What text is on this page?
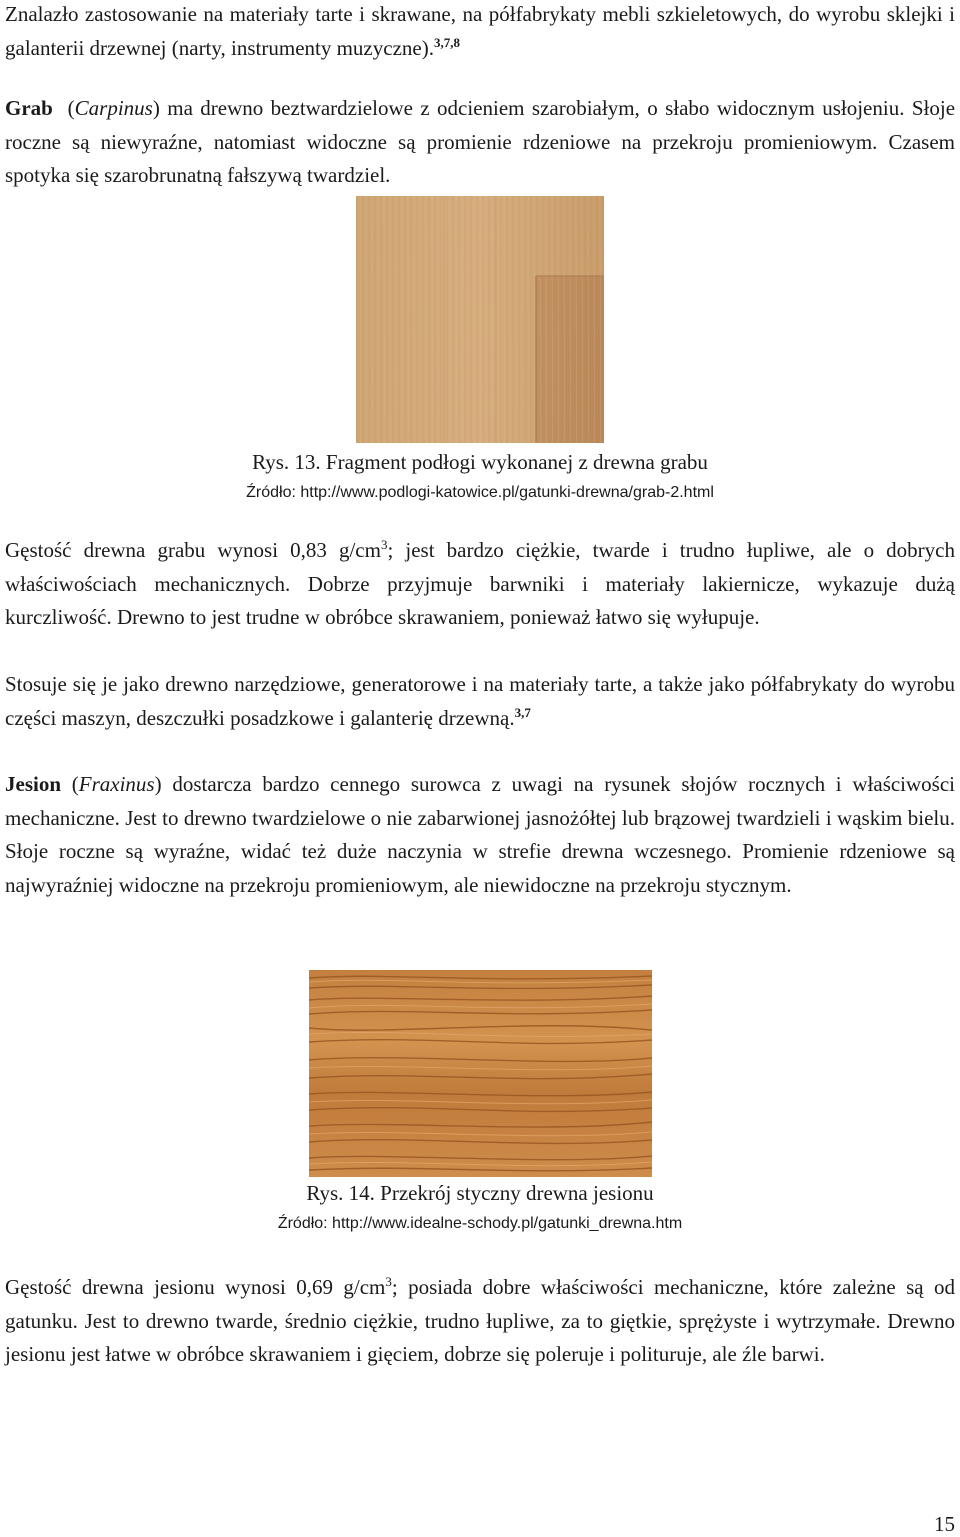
Znalazło zastosowanie na materiały tarte i skrawane, na półfabrykaty mebli szkieletowych, do wyrobu sklejki i galanterii drzewnej (narty, instrumenty muzyczne).$^{3,7,8}$

Grab (Carpinus) ma drewno beztwardzielowe z odcieniem szarobiałym, o słabo widocznym usłojeniu. Słoje roczne są niewyraźne, natomiast widoczne są promienie rdzeniowe na przekroju promieniowym. Czasem spotyka się szarobrunatną fałszywą twardziel.

Rys. 13. Fragment podłogi wykonanej z drewna grabu

Źródło: http://www.podlogi-katowice.pl/gatunki-drewna/grab-2.html

Gęstość drewna grabu wynosi 0,83 $g/cm^3$; jest bardzo ciężkie, twarde i trudno łupliwe, ale o dobrych właściwościach mechanicznych. Dobrze przyjmuje barwniki i materiały lakiernicze, wykazuje dużą kurczliwość. Drewno to jest trudne w obróbce skrawaniem, ponieważ łatwo się wyłupuje.

Stosuje się je jako drewno narzędziowe, generatorowe i na materiały tarte, a także jako półfabrykaty do wyrobu części maszyn, deszczułki posadzkowe i galanterię drzewną.$^{3,7}$

Jesion (Fraxinus) dostarcza bardzo cennego surowca z uwagi na rysunek słojów rocznych i właściwości mechaniczne. Jest to drewno twardzielowe o nie zabarwionej jasnożółtej lub brązowej twardzieli i wąskim bielu. Słoje roczne są wyraźne, widać też duże naczynia w strefie drewna wczesnego. Promienie rdzeniowe są najwyraźniej widoczne na przekroju promieniowym, ale niewidoczne na przekroju stycznym.

Rys. 14. Przekrój styczny drewna jesionu

Źródło: http://www.idealne-schody.pl/gatunki_drewna.htm

Gęstość drewna jesionu wynosi 0,69 $g/cm^3$; posiada dobre właściwości mechaniczne, które zależne są od gatunku. Jest to drewno twarde, średnio ciężkie, trudno łupliwe, za to giętkie, sprężyste i wytrzymałe. Drewno jesionu jest łatwe w obróbce skrawaniem i gięciem, dobrze się poleruje i polituruje, ale źle barwi.

15
